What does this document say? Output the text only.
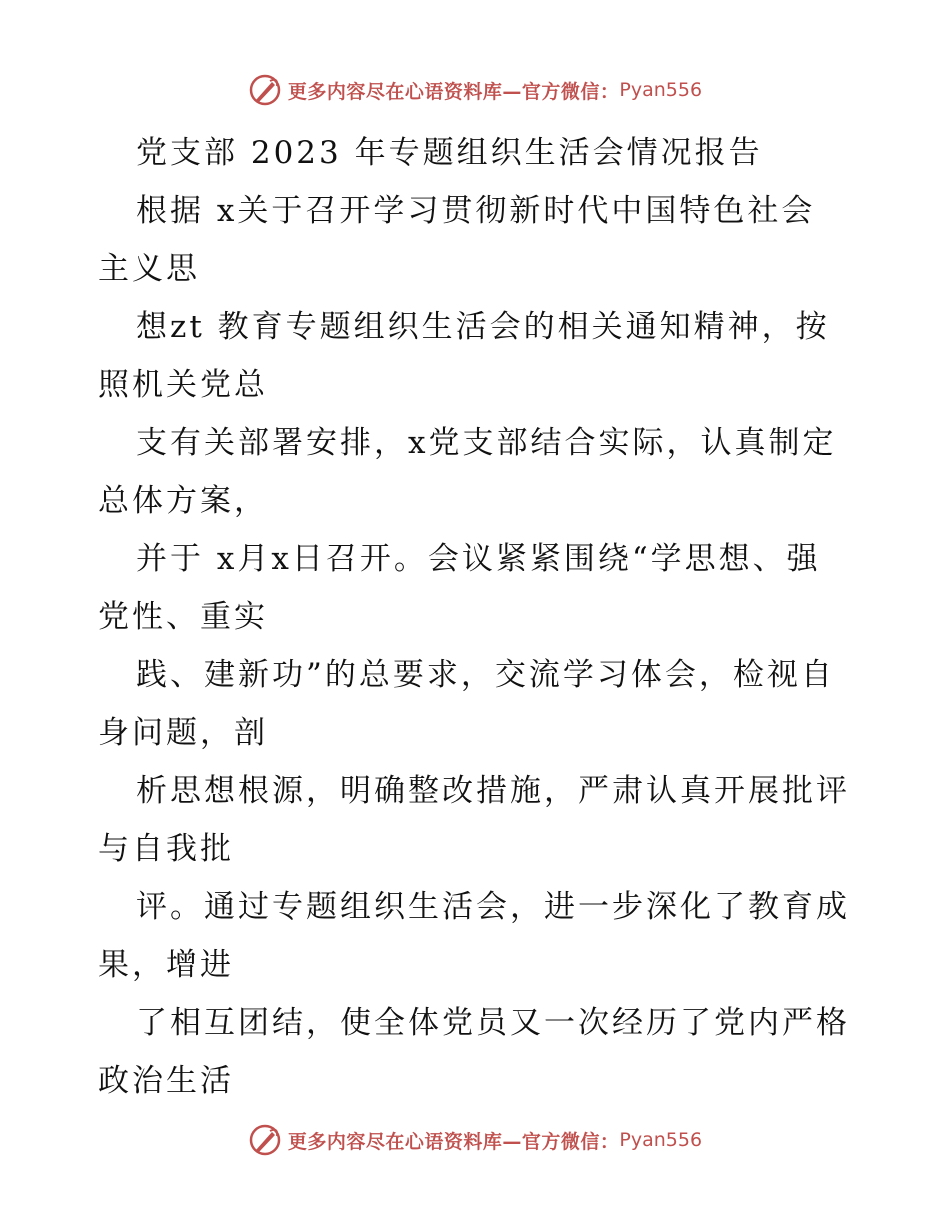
更多内容尽在心语资料库—官方微信： Pyan556
党支部 2023 年专题组织生活会情况报告
根据 x关于召开学习贯彻新时代中国特色社会
主义思
想zt 教育专题组织生活会的相关通知精神，按
照机关党总
支有关部署安排，x党支部结合实际，认真制定
总体方案，
并于 x月x日召开。会议紧紧围绕“学思想、强
党性、重实
践、建新功”的总要求，交流学习体会，检视自
身问题，剖
析思想根源，明确整改措施，严肃认真开展批评
与自我批
评。通过专题组织生活会，进一步深化了教育成
果，增进
了相互团结，使全体党员又一次经历了党内严格
政治生活
更多内容尽在心语资料库—官方微信： Pyan556
